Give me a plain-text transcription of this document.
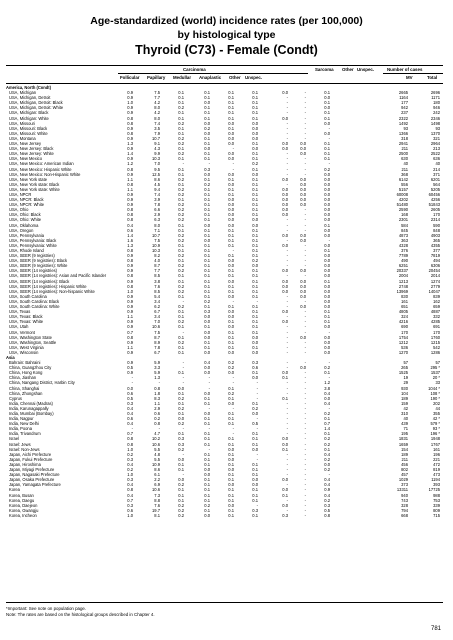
Age-standardized (world) incidence rates (per 100,000)
by histological type
Thyroid (C73) - Female (Condt)
Carcinoma	Sarcoma Other Unspec.	Number of cases
Follicular Papillary Medullar Anaplastic Other Unspec.	MV	Total
America, North (Condt)
USA, Michigan	0.9	7.5	0.1	0.1	0.1	0.1	0.0	-	0.1	2665	2696
USA, Michigan, Detroit	0.9	7.7	0.1	0.1	0.1	0.1	-	-	0.0	1164	1171
USA, Michigan, Detroit: Black	1.0	4.2	0.1	0.0	0.1	0.1	-	-	0.1	177	180
USA, Michigan, Detroit: White	0.9	8.0	0.2	0.1	0.1	0.1	-	-	0.0	942	946
USA, Michigan: Black	0.9	4.2	0.1	0.1	0.1	0.1	-	-	0.1	237	242
USA, Michigan: White	0.8	8.0	0.1	0.1	0.1	0.1	0.0	-	0.1	2322	2346
USA, Missouri	0.8	7.4	0.2	0.0	0.0	0.0	-	-	0.0	1492	1498
USA, Missouri: Black	0.9	3.5	0.1	0.2	0.1	0.0	-	-	-	93	93
USA, Missouri: White	0.8	7.9	0.1	0.0	0.0	0.0	-	-	0.0	1366	1370
USA, Montana	0.9	10.7	0.2	0.1	0.0	0.0	-	-	-	318	321
USA, New Jersey	1.3	9.1	0.2	0.1	0.0	0.1	0.0	0.0	0.1	2941	2964
USA, New Jersey: Black	0.9	4.3	0.1	0.0	-	0.0	0.0	0.0	0.1	211	213
USA, New Jersey: White	1.4	9.9	0.2	0.1	0.0	0.1	-	0.0	0.1	2500	2522
USA, New Mexico	0.9	10.3	0.1	0.1	0.0	0.1	-	-	0.1	630	636
USA, New Mexico: American Indian	1.2	7.0	-	-	-	0.2	-	-	-	40	40
USA, New Mexico: Hispanic White	0.8	9.5	0.1	0.3	-	0.1	-	-	0.2	211	214
USA, New Mexico: Non-Hispanic White	0.9	12.5	0.1	0.0	0.0	0.0	-	-	0.0	368	371
USA, New York state	1.1	8.6	0.2	0.1	0.1	0.1	0.0	0.0	0.0	6142	6201
USA, New York state: Black	0.8	4.5	0.1	0.2	0.0	0.1	-	0.0	0.0	556	564
USA, New York state: White	1.1	9.4	0.2	0.1	0.1	0.1	0.0	0.0	0.0	5157	5205
USA, NPCR	0.9	7.4	0.2	0.1	0.1	0.1	0.0	0.0	0.0	60008	60456
USA, NPCR: Black	0.9	3.9	0.1	0.1	0.0	0.1	0.0	0.0	0.0	4202	4256
USA, NPCR: White	0.9	7.8	0.2	0.1	0.0	0.1	0.0	0.0	0.0	51480	51843
USA, Ohio	0.8	6.6	0.2	0.1	0.0	0.1	0.0	-	0.0	2590	2605
USA, Ohio: Black	0.8	2.9	0.2	0.1	0.0	0.1	0.0	-	0.0	168	170
USA, Ohio: White	0.8	6.3	0.2	0.1	0.0	0.0	-	-	0.0	2301	2314
USA, Oklahoma	0.4	8.0	0.1	0.0	0.0	0.0	-	-	0.1	584	590
USA, Oregon	0.6	7.1	0.1	0.1	0.1	0.1	-	-	0.0	845	848
USA, Pennsylvania	1.4	10.7	0.2	0.1	0.1	0.1	0.0	0.0	0.0	4873	4903
USA, Pennsylvania: Black	1.6	7.5	0.2	0.0	0.1	0.1	-	0.0	-	363	365
USA, Pennsylvania: White	1.3	10.9	0.1	0.1	0.1	0.1	0.0	-	0.0	4328	4355
USA, Rhode Island	0.8	10.3	0.1	0.1	-	0.1	-	-	0.1	376	377
USA, SEER (9 registries)	0.9	8.2	0.2	0.1	0.1	0.1	-	-	0.0	7789	7819
USA, SEER (9 registries): Black	0.8	4.0	0.1	0.1	0.0	0.2	-	-	0.0	490	494
USA, SEER (9 registries): White	0.9	8.7	0.2	0.1	0.0	0.0	-	-	0.0	6251	6306
USA, SEER (14 registries)	0.9	7.7	0.2	0.1	0.1	0.1	0.0	0.0	0.0	20337	20454
USA, SEER (14 registries): Asian and Pacific Islander	0.8	8.5	0.1	0.1	0.1	0.1	-	-	0.0	2004	2014
USA, SEER (14 registries): Black	0.9	3.8	0.1	0.1	0.0	0.1	0.0	0.0	0.1	1213	1274
USA, SEER (14 registries): Hispanic White	0.8	7.6	0.2	0.1	0.1	0.1	0.0	0.0	0.0	2748	2779
USA, SEER (14 registries): Non-hispanic White	1.0	8.5	0.2	0.1	0.1	0.1	0.0	0.0	0.0	13969	14047
USA, South Carolina	0.9	5.4	0.1	0.1	0.0	0.1	-	0.0	0.0	830	839
USA, South Carolina: Black	0.9	3.4	-	0.2	-	-	-	-	0.0	161	162
USA, South Carolina: White	0.9	6.2	0.2	0.1	0.1	0.1	-	0.0	0.0	651	659
USA, Texas	0.9	6.7	0.1	0.3	0.0	0.1	0.0	-	0.1	4805	4887
USA, Texas: Black	1.1	3.4	0.1	0.0	0.0	0.1	-	-	0.1	324	332
USA, Texas: White	0.9	7.0	0.2	0.0	0.1	0.1	0.0	-	0.1	4216	4285
USA, Utah	0.9	10.6	0.1	0.1	0.0	0.1	-	-	0.0	690	691
USA, Vermont	0.7	7.5	-	0.0	0.1	0.1	-	-	-	170	170
USA, Washington State	0.8	8.7	0.1	0.0	0.1	0.0	-	0.0	0.0	1754	1760
USA, Washington, Seattle	0.9	8.9	0.2	0.1	0.1	0.0	-	-	0.0	1212	1215
USA, West Virginia	1.1	7.8	0.1	0.1	0.1	0.1	-	-	0.0	536	542
USA, Wisconsin	0.9	6.7	0.1	0.0	0.0	0.0	-	-	0.0	1270	1286
Asia
Bahrain: Bahraini	0.9	5.9	-	0.4	0.2	0.3	-	-	-	57	57
China, Guangzhou City	0.5	3.3	-	0.0	0.2	0.6	-	0.0	0.2	265	295 *
China, Hong Kong	0.9	5.9	0.1	0.0	0.0	0.1	0.0	-	0.1	1525	1537
China, Jiashan	-	1.3	-	-	-	0.0	0.1	-	-	19	20 *
China, Nangang District, Harbin City	-	-	-	-	-	-	-	-	1.2	29	33
China, Shanghai	0.0	0.8	0.0	-	0.1	-	-	-	3.8	930	1044 *
China, Zhongshan	0.6	1.8	0.1	0.0	0.2	-	-	-	0.4	104	108 *
Cyprus	0.5	8.3	0.2	0.1	0.1	-	0.1	-	0.0	189	190 *
India, Chennai (Madras)	0.3	1.1	0.1	0.1	0.0	0.1	-	-	0.4	159	202
India, Karunagappally	0.4	2.9	0.2	-	-	0.2	-	-	-	42	44
India, Mumbai (Bombay)	0.4	0.6	0.1	0.0	0.1	0.0	-	-	0.2	310	355
India, Nagpur	0.6	0.2	0.0	0.1	0.1	-	-	-	0.1	40	42 *
India, New Delhi	0.4	0.8	0.2	0.1	0.1	0.5	-	-	0.7	439	579 *
India, Poona	-	-	-	-	-	-	-	-	1.4	71	93 *
India, Trivandrum	0.7	4.7	0.1	0.1	-	0.1	-	-	0.1	195	196 *
Israel	0.8	10.2	0.3	0.1	0.1	0.1	0.0	-	0.2	1831	1948
Israel: Jews	0.8	10.6	0.3	0.1	0.1	0.1	0.0	-	0.2	1659	1767
Israel: Non-Jews	1.0	5.5	0.2	-	0.0	0.0	0.1	-	0.1	154	161
Japan, Aichi Prefecture	0.2	4.8	-	0.1	0.1	-	-	-	0.4	189	196
Japan, Fukui Prefecture	0.3	5.5	0.0	0.1	0.0	-	-	-	0.2	211	221
Japan, Hiroshima	0.4	10.9	0.1	0.1	0.1	0.1	-	-	0.0	456	472
Japan, Miyagi Prefecture	0.2	8.6	0.1	0.0	0.0	0.1	-	-	0.2	802	819
Japan, Nagasaki Prefecture	1.0	6.1	-	0.0	0.1	0.1	-	-	-	457	473
Japan, Osaka Prefecture	0.3	2.2	0.0	0.1	0.1	0.0	0.0	-	0.4	1029	1194
Japan, Yamagata Prefecture	0.4	6.9	0.2	0.1	0.0	0.0	-	-	0.4	373	393
Korea	0.8	10.6	0.1	0.1	0.1	0.1	0.0	-	0.9	13311	17725
Korea, Busan	0.4	7.3	0.1	0.1	0.1	0.1	0.1	-	0.4	940	988
Korea, Daegu	0.7	8.8	0.1	0.1	0.1	0.1	-	-	0.2	743	753
Korea, Daejeon	0.3	7.6	0.2	0.2	0.0	-	0.0	-	0.3	328	339
Korea, Gwangju	0.6	19.7	0.2	0.1	0.1	0.3	-	-	0.5	794	809
Korea, Incheon	1.0	8.1	0.2	0.0	0.1	0.1	0.3	-	0.8	668	715
*Important: See note on population page.
Note: The rates are based on the histological groups described in Chapter 4.
781
